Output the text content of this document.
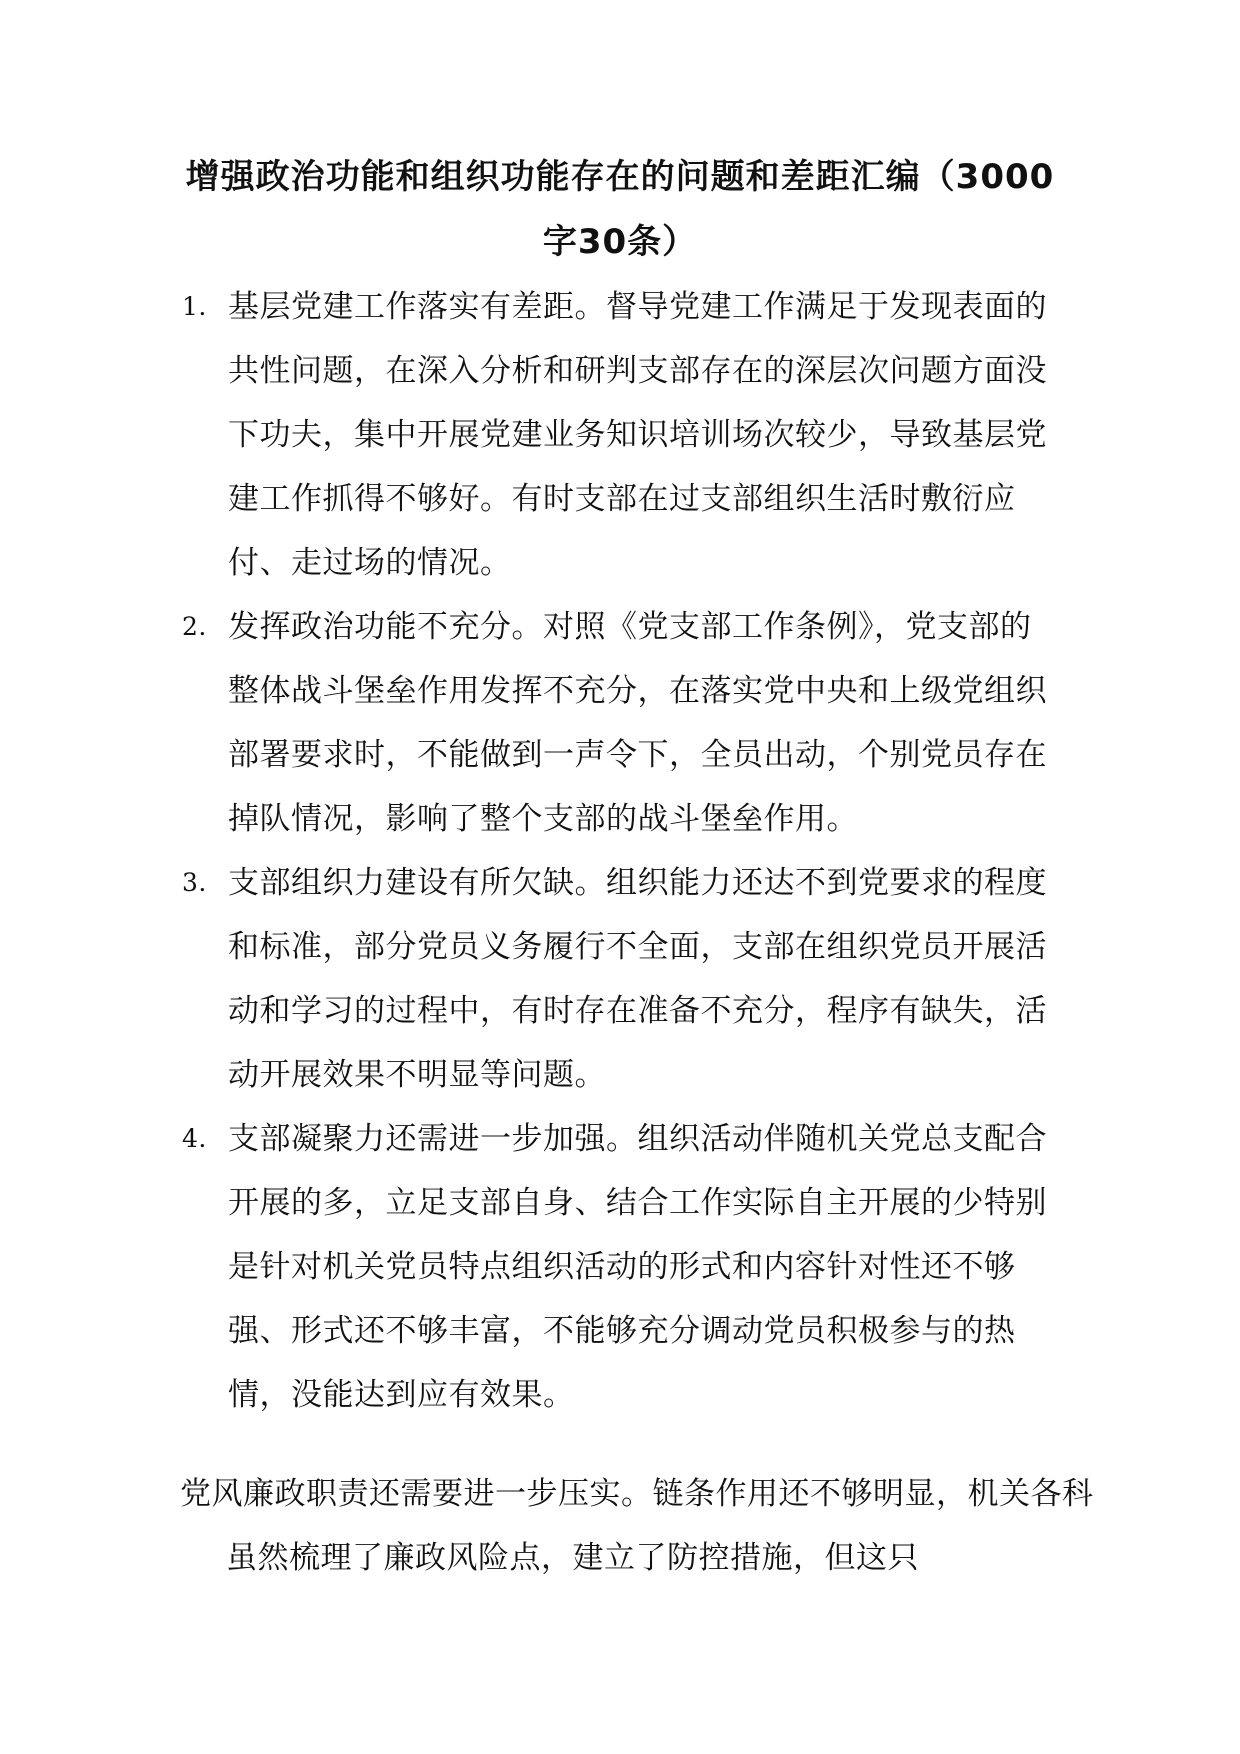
增强政治功能和组织功能存在的问题和差距汇编（3000字30条）
1. 基层党建工作落实有差距。督导党建工作满足于发现表面的共性问题，在深入分析和研判支部存在的深层次问题方面没下功夫，集中开展党建业务知识培训场次较少，导致基层党建工作抓得不够好。有时支部在过支部组织生活时敷衍应付、走过场的情况。
2. 发挥政治功能不充分。对照《党支部工作条例》，党支部的整体战斗堡垒作用发挥不充分，在落实党中央和上级党组织部署要求时，不能做到一声令下，全员出动，个别党员存在掉队情况，影响了整个支部的战斗堡垒作用。
3. 支部组织力建设有所欠缺。组织能力还达不到党要求的程度和标准，部分党员义务履行不全面，支部在组织党员开展活动和学习的过程中，有时存在准备不充分，程序有缺失，活动开展效果不明显等问题。
4. 支部凝聚力还需进一步加强。组织活动伴随机关党总支配合开展的多，立足支部自身、结合工作实际自主开展的少特别是针对机关党员特点组织活动的形式和内容针对性还不够强、形式还不够丰富，不能够充分调动党员积极参与的热情，没能达到应有效果。

党风廉政职责还需要进一步压实。链条作用还不够明显，机关各科虽然梳理了廉政风险点，建立了防控措施，但这只
